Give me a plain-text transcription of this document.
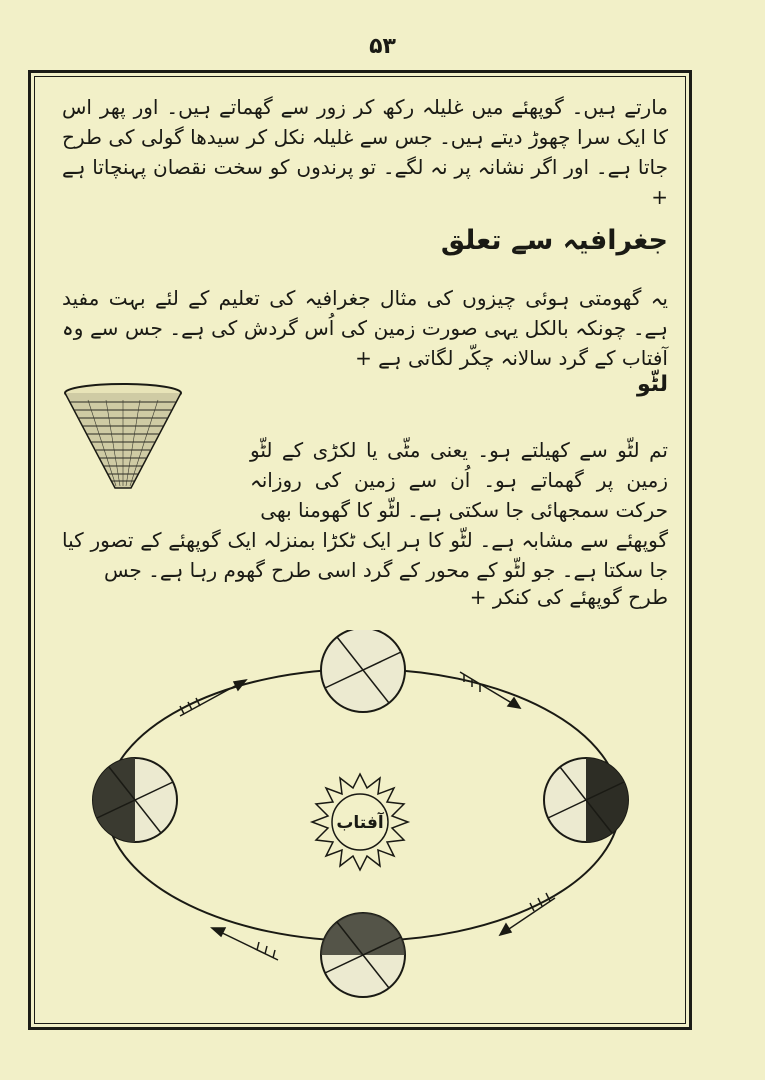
۵۳
مارتے ہیں۔ گوپھئے میں غلیلہ رکھ کر زور سے گھماتے ہیں۔ اور پھر اس کا ایک سرا چھوڑ دیتے ہیں۔ جس سے غلیلہ نکل کر سیدھا گولی کی طرح جاتا ہے۔ اور اگر نشانہ پر نہ لگے۔ تو پرندوں کو سخت نقصان پہنچاتا ہے +
جغرافیہ سے تعلق
یہ گھومتی ہوئی چیزوں کی مثال جغرافیہ کی تعلیم کے لئے بہت مفید ہے۔ چونکہ بالکل یہی صورت زمین کی اُس گردش کی ہے۔ جس سے وہ آفتاب کے گرد سالانہ چکّر لگاتی ہے +
لٹّو
تم لٹّو سے کھیلتے ہو۔ یعنی مٹّی یا لکڑی کے لٹّو زمین پر گھماتے ہو۔ اُن سے زمین کی روزانہ حرکت سمجھائی جا سکتی ہے۔ لٹّو کا گھومنا بھی
گوپھئے سے مشابہ ہے۔ لٹّو کا ہر ایک ٹکڑا بمنزلہ ایک گوپھئے کے تصور کیا جا سکتا ہے۔ جو لٹّو کے محور کے گرد اسی طرح گھوم رہا ہے۔ جس
طرح گوپھئے کی کنکر +
آفتاب
